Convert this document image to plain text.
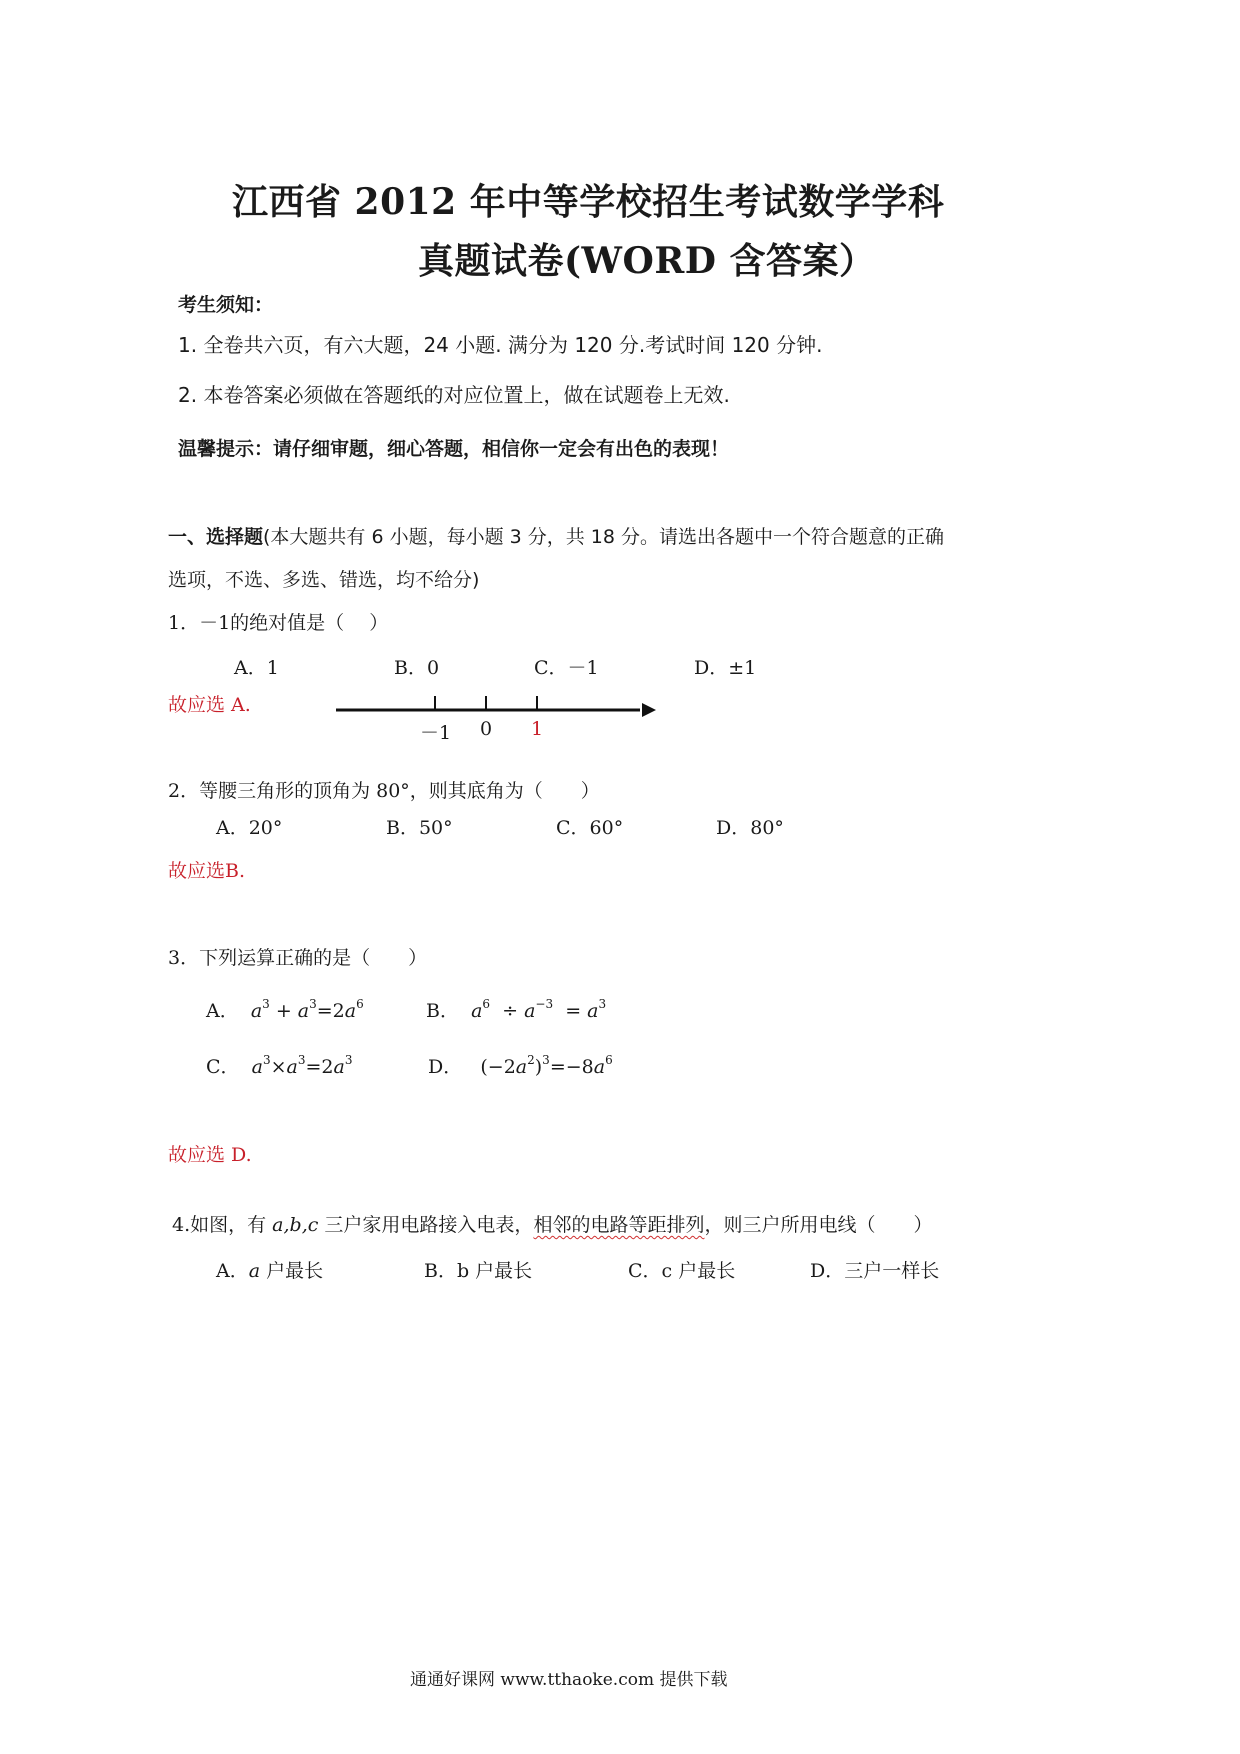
江西省 2012 年中等学校招生考试数学学科
真题试卷(WORD 含答案）
考生须知：
1. 全卷共六页，有六大题，24 小题. 满分为 120 分.考试时间 120 分钟.
2. 本卷答案必须做在答题纸的对应位置上，做在试题卷上无效.
温馨提示：请仔细审题，细心答题，相信你一定会有出色的表现！
一、选择题(本大题共有 6 小题，每小题 3 分，共 18 分。请选出各题中一个符合题意的正确
选项，不选、多选、错选，均不给分)
1．－1的绝对值是（　 ）
A．1	B．0	C．－1	D．±1
故应选 A.
－1 0 1
2．等腰三角形的顶角为 80°，则其底角为（　　）
A．20°	B．50°	C．60°	D．80°
故应选B.
3．下列运算正确的是（　　）
A． $a^3 + a^3=2a^6$	B． $a^6 \div a^{-3} = a^3$
C． $a^3\times a^3=2a^3$	D．   $(-2a^2)^3=-8a^6$
故应选 D.
4.如图，有 a,b,c 三户家用电路接入电表，相邻的电路等距排列，则三户所用电线（　　）
A．a 户最长	B．b 户最长	C．c 户最长	D．三户一样长
通通好课网 www.tthaoke.com 提供下载
